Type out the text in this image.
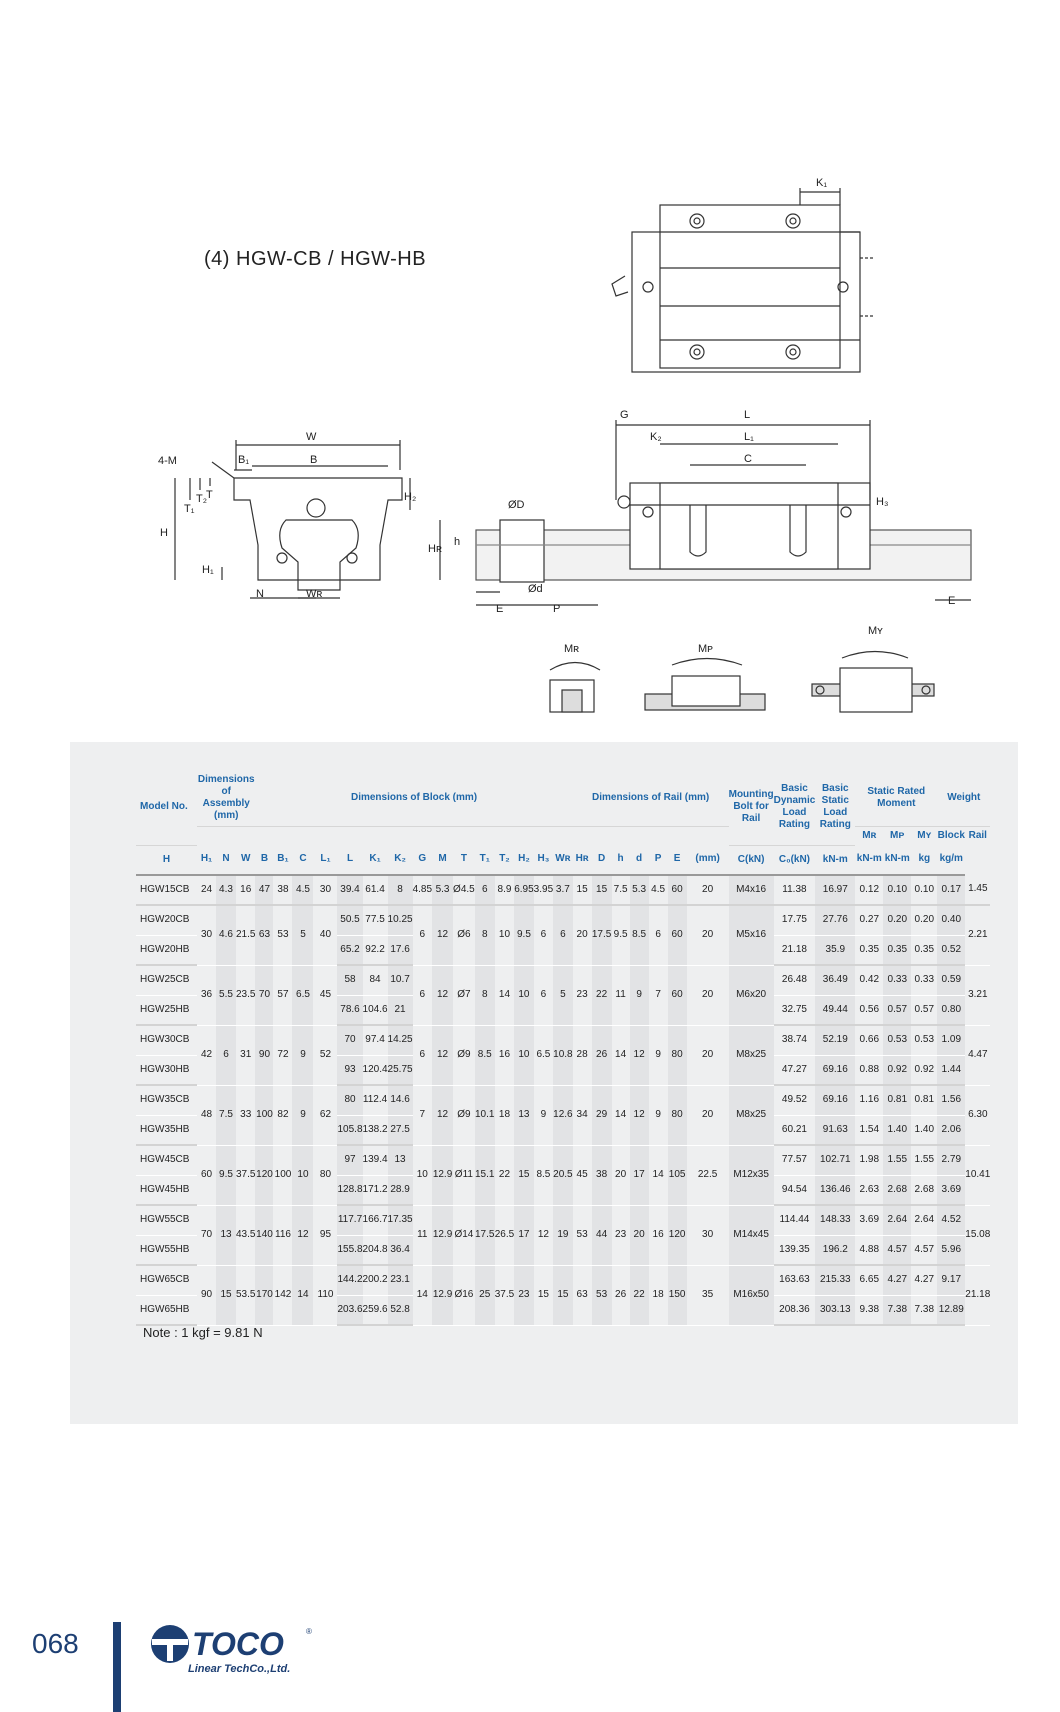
(4) HGW-CB / HGW-HB
K₁
W
B
B₁
4-M
T₁
T₂ T
H
H₁
H₂
N	Wʀ
Hʀ
h
ØD
Ød
E	P
G	L
L₁
K₂
C
H₃
E
Mʀ	Mᴘ
Mʏ
Model No.	Dimensions of Assembly (mm)			Dimensions of Block (mm)															Dimensions of Rail (mm)							Mounting Bolt for Rail	Basic Dynamic Load Rating	Basic Static Load Rating	Static Rated Moment			Weight	
																													Mʀ	Mᴘ	Mʏ	Block	Rail
H	H₁	N	W	B	B₁	C	L₁	L	K₁	K₂	G	M	T	T₁	T₂	H₂	H₃	Wʀ	Hʀ	D	h	d	P	E	(mm)	C(kN)	C₀(kN)	kN-m	kN-m	kN-m	kg	kg/m	
HGW15CB	24	4.3	16	47	38	4.5	30	39.4	61.4	8	4.85	5.3	Ø4.5	6	8.9	6.95	3.95	3.7	15	15	7.5	5.3	4.5	60	20	M4x16	11.38	16.97	0.12	0.10	0.10	0.17	1.45
HGW20CB	30	4.6	21.5	63	53	5	40	50.5	77.5	10.25	6	12	Ø6	8	10	9.5	6	6	20	17.5	9.5	8.5	6	60	20	M5x16	17.75	27.76	0.27	0.20	0.20	0.40	2.21
HGW20HB								65.2	92.2	17.6																	21.18	35.9	0.35	0.35	0.35	0.52	
HGW25CB	36	5.5	23.5	70	57	6.5	45	58	84	10.7	6	12	Ø7	8	14	10	6	5	23	22	11	9	7	60	20	M6x20	26.48	36.49	0.42	0.33	0.33	0.59	3.21
HGW25HB								78.6	104.6	21																	32.75	49.44	0.56	0.57	0.57	0.80	
HGW30CB	42	6	31	90	72	9	52	70	97.4	14.25	6	12	Ø9	8.5	16	10	6.5	10.8	28	26	14	12	9	80	20	M8x25	38.74	52.19	0.66	0.53	0.53	1.09	4.47
HGW30HB								93	120.4	25.75																	47.27	69.16	0.88	0.92	0.92	1.44	
HGW35CB	48	7.5	33	100	82	9	62	80	112.4	14.6	7	12	Ø9	10.1	18	13	9	12.6	34	29	14	12	9	80	20	M8x25	49.52	69.16	1.16	0.81	0.81	1.56	6.30
HGW35HB								105.8	138.2	27.5																	60.21	91.63	1.54	1.40	1.40	2.06	
HGW45CB	60	9.5	37.5	120	100	10	80	97	139.4	13	10	12.9	Ø11	15.1	22	15	8.5	20.5	45	38	20	17	14	105	22.5	M12x35	77.57	102.71	1.98	1.55	1.55	2.79	10.41
HGW45HB								128.8	171.2	28.9																	94.54	136.46	2.63	2.68	2.68	3.69	
HGW55CB	70	13	43.5	140	116	12	95	117.7	166.7	17.35	11	12.9	Ø14	17.5	26.5	17	12	19	53	44	23	20	16	120	30	M14x45	114.44	148.33	3.69	2.64	2.64	4.52	15.08
HGW55HB								155.8	204.8	36.4																	139.35	196.2	4.88	4.57	4.57	5.96	
HGW65CB	90	15	53.5	170	142	14	110	144.2	200.2	23.1	14	12.9	Ø16	25	37.5	23	15	15	63	53	26	22	18	150	35	M16x50	163.63	215.33	6.65	4.27	4.27	9.17	21.18
HGW65HB								203.6	259.6	52.8																	208.36	303.13	9.38	7.38	7.38	12.89	
Note : 1 kgf = 9.81 N
068	TOCO	®
Linear TechCo.,Ltd.
